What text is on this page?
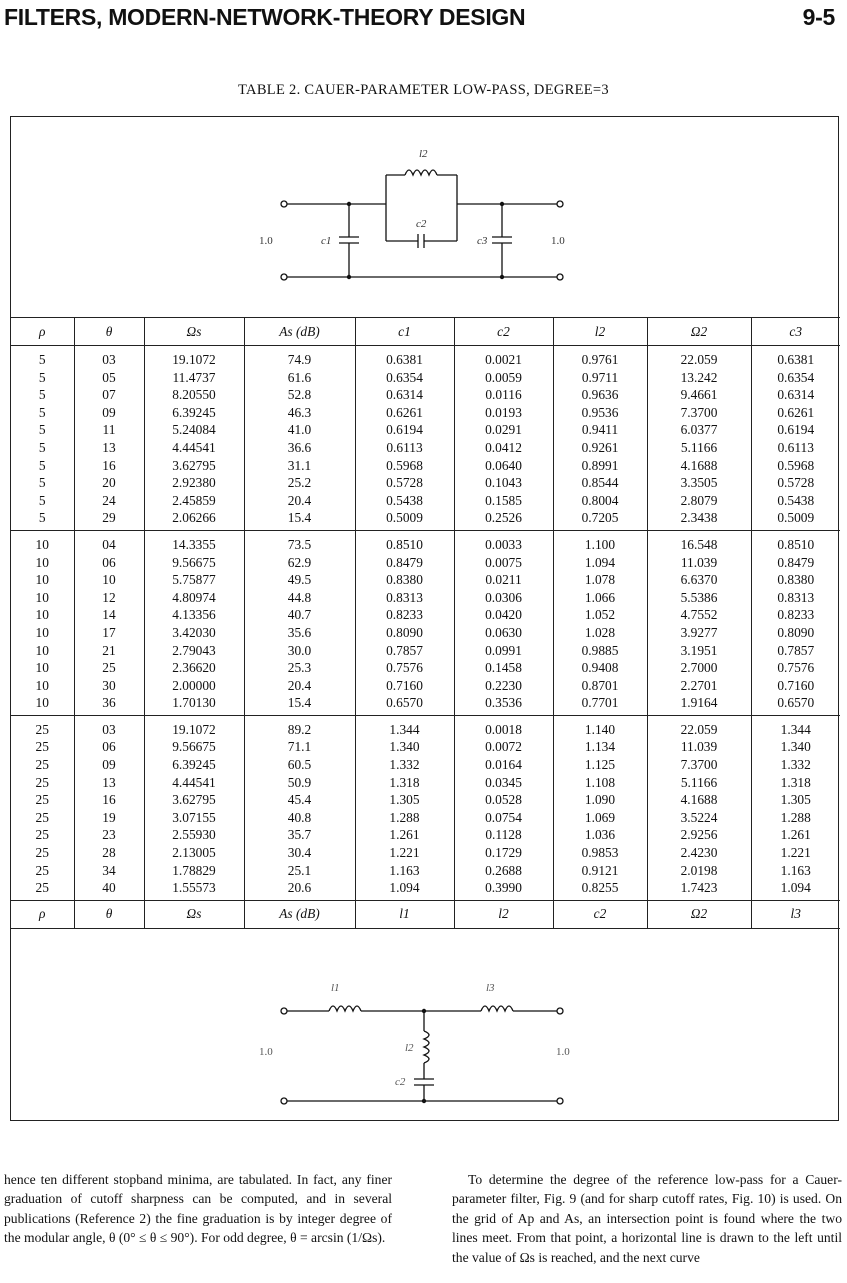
FILTERS, MODERN-NETWORK-THEORY DESIGN	9-5
TABLE 2. CAUER-PARAMETER LOW-PASS, DEGREE=3
l2
c2
c1	c3
1.0	1.0
ρ	θ	Ωs	As (dB)	c1	c2	l2	Ω2	c3
5	03	19.1072	74.9	0.6381	0.0021	0.9761	22.059	0.6381
5	05	11.4737	61.6	0.6354	0.0059	0.9711	13.242	0.6354
5	07	8.20550	52.8	0.6314	0.0116	0.9636	9.4661	0.6314
5	09	6.39245	46.3	0.6261	0.0193	0.9536	7.3700	0.6261
5	11	5.24084	41.0	0.6194	0.0291	0.9411	6.0377	0.6194
5	13	4.44541	36.6	0.6113	0.0412	0.9261	5.1166	0.6113
5	16	3.62795	31.1	0.5968	0.0640	0.8991	4.1688	0.5968
5	20	2.92380	25.2	0.5728	0.1043	0.8544	3.3505	0.5728
5	24	2.45859	20.4	0.5438	0.1585	0.8004	2.8079	0.5438
5	29	2.06266	15.4	0.5009	0.2526	0.7205	2.3438	0.5009
10	04	14.3355	73.5	0.8510	0.0033	1.100	16.548	0.8510
10	06	9.56675	62.9	0.8479	0.0075	1.094	11.039	0.8479
10	10	5.75877	49.5	0.8380	0.0211	1.078	6.6370	0.8380
10	12	4.80974	44.8	0.8313	0.0306	1.066	5.5386	0.8313
10	14	4.13356	40.7	0.8233	0.0420	1.052	4.7552	0.8233
10	17	3.42030	35.6	0.8090	0.0630	1.028	3.9277	0.8090
10	21	2.79043	30.0	0.7857	0.0991	0.9885	3.1951	0.7857
10	25	2.36620	25.3	0.7576	0.1458	0.9408	2.7000	0.7576
10	30	2.00000	20.4	0.7160	0.2230	0.8701	2.2701	0.7160
10	36	1.70130	15.4	0.6570	0.3536	0.7701	1.9164	0.6570
25	03	19.1072	89.2	1.344	0.0018	1.140	22.059	1.344
25	06	9.56675	71.1	1.340	0.0072	1.134	11.039	1.340
25	09	6.39245	60.5	1.332	0.0164	1.125	7.3700	1.332
25	13	4.44541	50.9	1.318	0.0345	1.108	5.1166	1.318
25	16	3.62795	45.4	1.305	0.0528	1.090	4.1688	1.305
25	19	3.07155	40.8	1.288	0.0754	1.069	3.5224	1.288
25	23	2.55930	35.7	1.261	0.1128	1.036	2.9256	1.261
25	28	2.13005	30.4	1.221	0.1729	0.9853	2.4230	1.221
25	34	1.78829	25.1	1.163	0.2688	0.9121	2.0198	1.163
25	40	1.55573	20.6	1.094	0.3990	0.8255	1.7423	1.094
ρ	θ	Ωs	As (dB)	l1	l2	c2	Ω2	l3
l1	l3
l2
c2
1.0	1.0

hence ten different stopband minima, are tabulated. In fact, any finer graduation of cutoff sharpness can be computed, and in several publications (Reference 2) the fine graduation is by integer degree of the modular angle, θ (0° ≤ θ ≤ 90°). For odd degree, θ = arcsin (1/Ωs).

To determine the degree of the reference low-pass for a Cauer-parameter filter, Fig. 9 (and for sharp cutoff rates, Fig. 10) is used. On the grid of Ap and As, an intersection point is found where the two lines meet. From that point, a horizontal line is drawn to the left until the value of Ωs is reached, and the next curve
